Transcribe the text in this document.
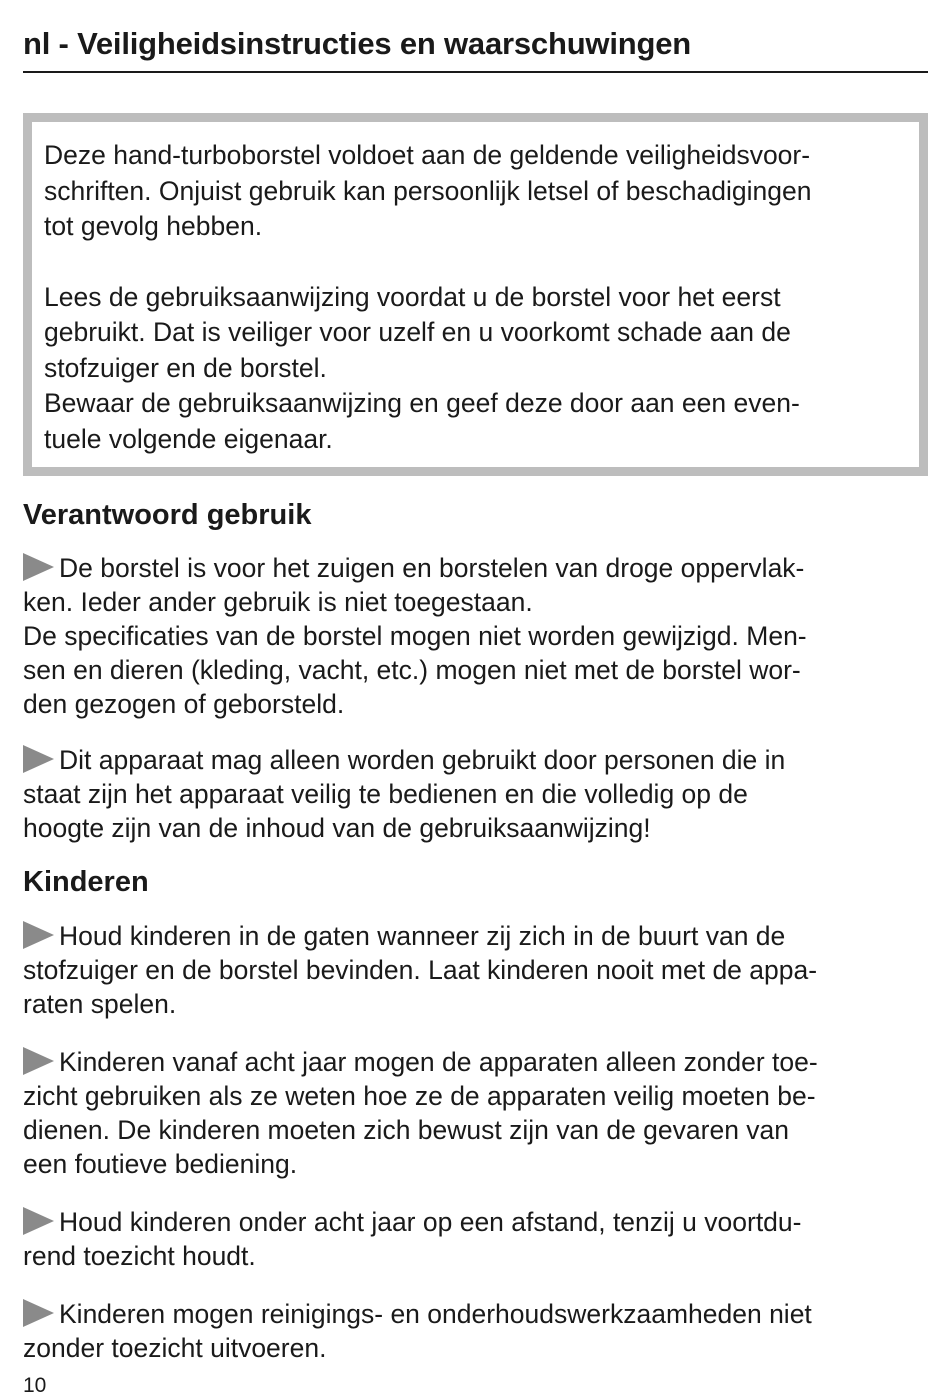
nl - Veiligheidsinstructies en waarschuwingen

Deze hand-turboborstel voldoet aan de geldende veiligheidsvoor-
schriften. Onjuist gebruik kan persoonlijk letsel of beschadigingen
tot gevolg hebben.

Lees de gebruiksaanwijzing voordat u de borstel voor het eerst
gebruikt. Dat is veiliger voor uzelf en u voorkomt schade aan de
stofzuiger en de borstel.

Bewaar de gebruiksaanwijzing en geef deze door aan een even-
tuele volgende eigenaar.

Verantwoord gebruik

De borstel is voor het zuigen en borstelen van droge oppervlak-
ken. Ieder ander gebruik is niet toegestaan.

De specificaties van de borstel mogen niet worden gewijzigd. Men-
sen en dieren (kleding, vacht, etc.) mogen niet met de borstel wor-
den gezogen of geborsteld.

Dit apparaat mag alleen worden gebruikt door personen die in
staat zijn het apparaat veilig te bedienen en die volledig op de
hoogte zijn van de inhoud van de gebruiksaanwijzing!

Kinderen

Houd kinderen in de gaten wanneer zij zich in de buurt van de
stofzuiger en de borstel bevinden. Laat kinderen nooit met de appa-
raten spelen.

Kinderen vanaf acht jaar mogen de apparaten alleen zonder toe-
zicht gebruiken als ze weten hoe ze de apparaten veilig moeten be-
dienen. De kinderen moeten zich bewust zijn van de gevaren van
een foutieve bediening.

Houd kinderen onder acht jaar op een afstand, tenzij u voortdu-
rend toezicht houdt.

Kinderen mogen reinigings- en onderhoudswerkzaamheden niet
zonder toezicht uitvoeren.

10
